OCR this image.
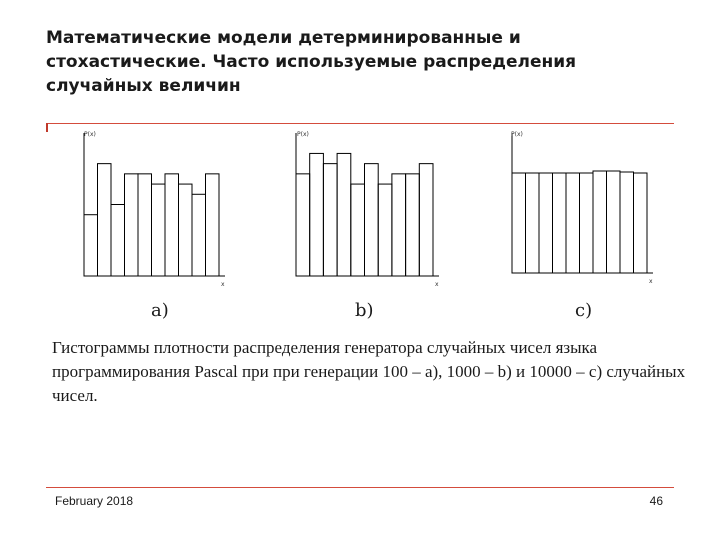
Математические модели детерминированные и стохастические. Часто используемые распределения случайных величин
P(x)
x
P(x)
x
P(x)
x
a)	b)	c)

Гистограммы плотности распределения генератора случайных чисел языка программирования Pascal при при генерации 100 – a), 1000 – b) и 10000 – c) случайных чисел.

February 2018	46
